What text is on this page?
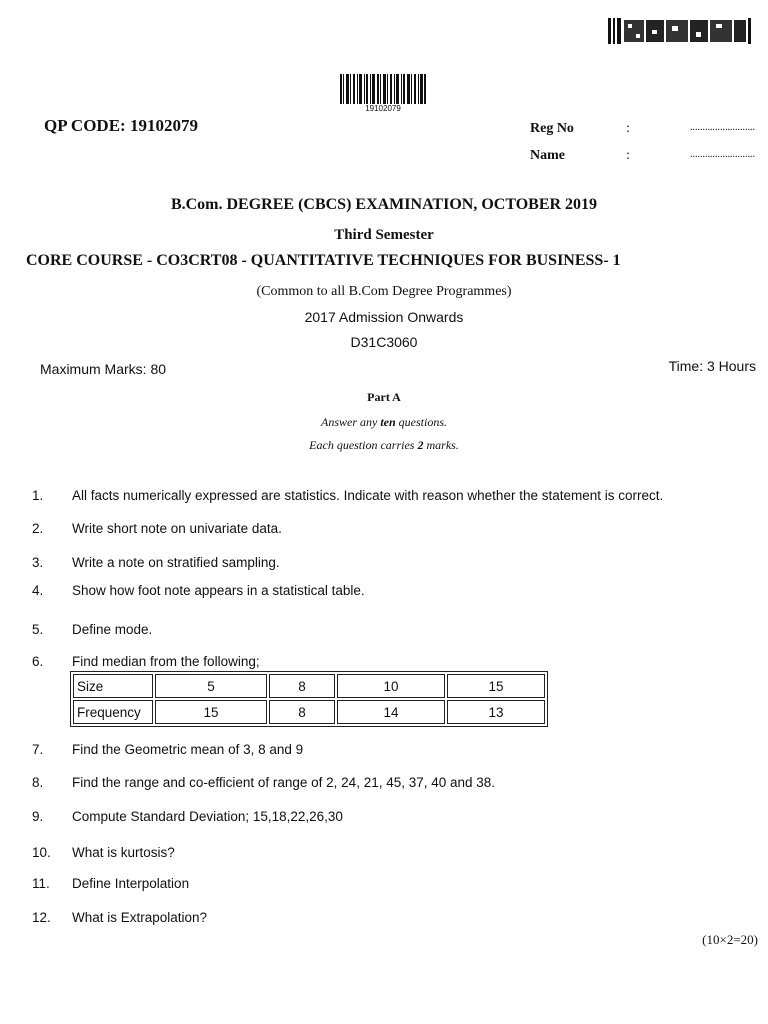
19102079
QP CODE: 19102079	Reg No	:	..........................
Name	:	..........................
B.Com. DEGREE (CBCS) EXAMINATION, OCTOBER 2019
Third Semester
CORE COURSE - CO3CRT08 - QUANTITATIVE TECHNIQUES FOR BUSINESS- 1
(Common to all B.Com Degree Programmes)
2017 Admission Onwards
D31C3060
Maximum Marks: 80	Time: 3 Hours
Part A
Answer any ten questions.
Each question carries 2 marks.
1.	All facts numerically expressed are statistics. Indicate with reason whether the statement is correct.
2.	Write short note on univariate data.
3.	Write a note on stratified sampling.
4.	Show how foot note appears in a statistical table.
5.	Define mode.
6.	Find median from the following;
Size	5	8	10	15
Frequency	15	8	14	13
7.	Find the Geometric mean of 3, 8 and 9
8.	Find the range and co-efficient of range of 2, 24, 21, 45, 37, 40 and 38.
9.	Compute Standard Deviation; 15,18,22,26,30
10.	What is kurtosis?
11.	Define Interpolation
12.	What is Extrapolation?
(10×2=20)
